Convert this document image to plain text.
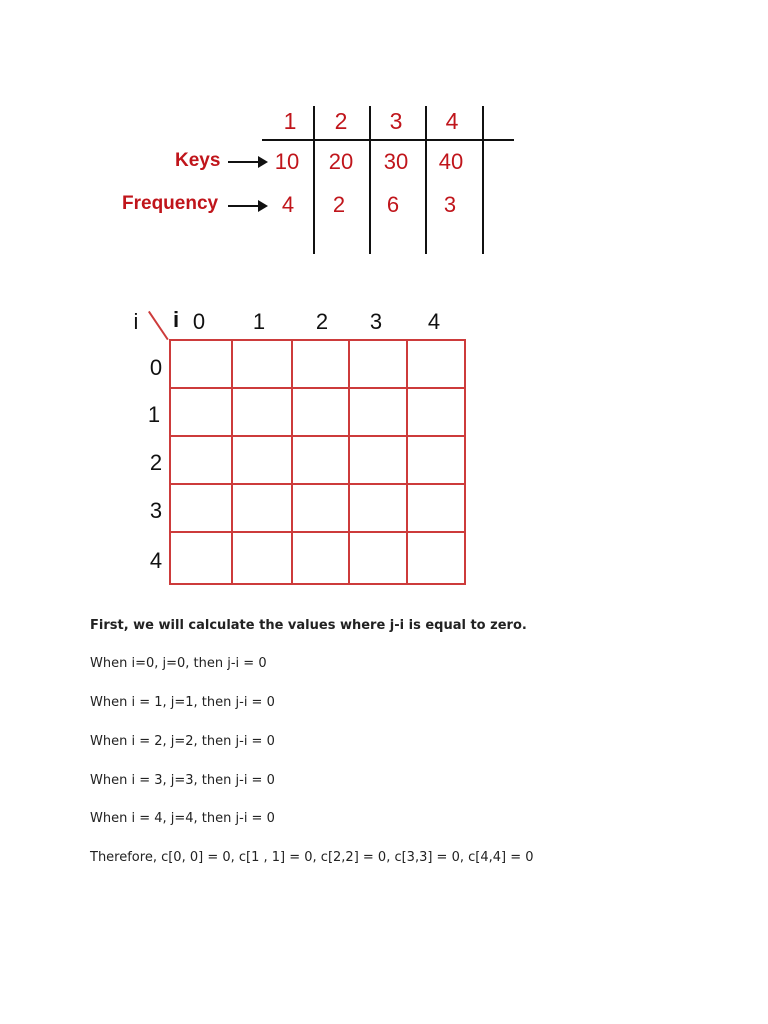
1	2	3	4
Keys	10	20	30	40
Frequency	4	2	6	3
i i 0 1 2 3 4
0
1
2
3
4
First, we will calculate the values where j-i is equal to zero.
When i=0, j=0, then j-i = 0
When i = 1, j=1, then j-i = 0
When i = 2, j=2, then j-i = 0
When i = 3, j=3, then j-i = 0
When i = 4, j=4, then j-i = 0
Therefore, c[0, 0] = 0, c[1 , 1] = 0, c[2,2] = 0, c[3,3] = 0, c[4,4] = 0
